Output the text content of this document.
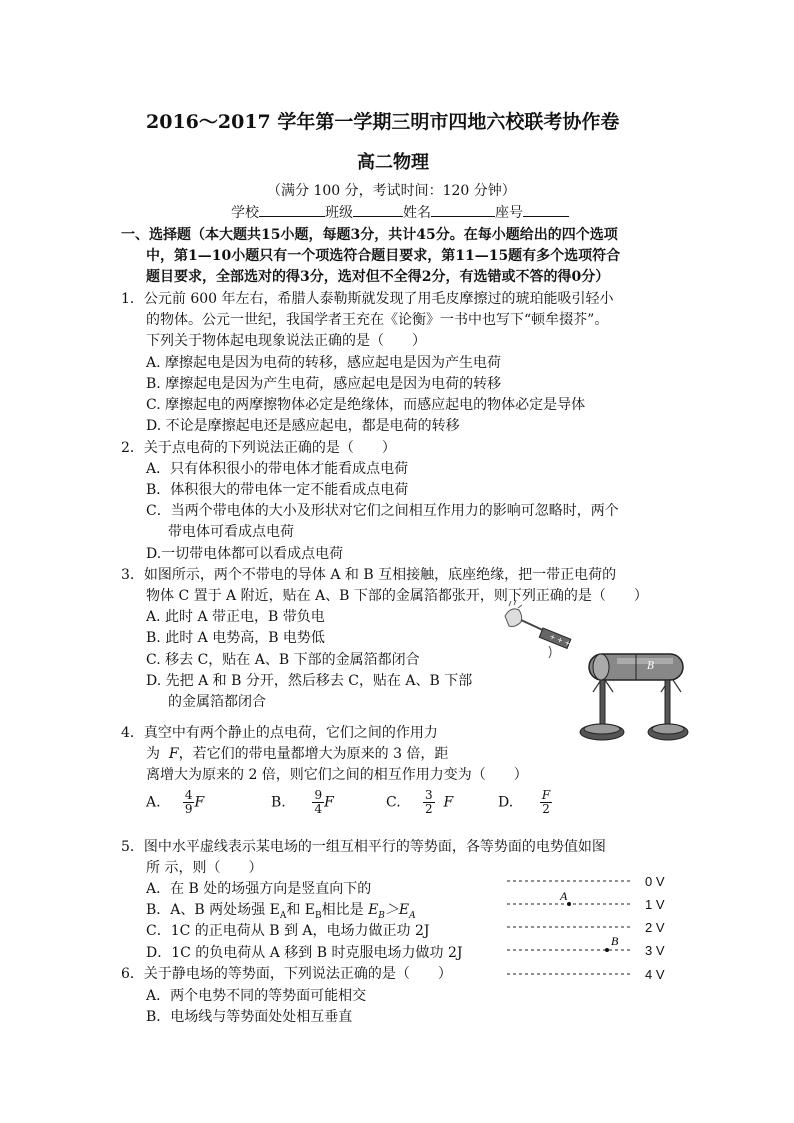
2016～2017 学年第一学期三明市四地六校联考协作卷
高二物理
（满分 100 分，考试时间：120 分钟）
学校	班级	姓名	座号
一、选择题（本大题共15小题，每题3分，共计45分。在每小题给出的四个选项
中，第1—10小题只有一个项选符合题目要求，第11—15题有多个选项符合
题目要求，全部选对的得3分，选对但不全得2分，有选错或不答的得0分）
1．公元前 600 年左右，希腊人泰勒斯就发现了用毛皮摩擦过的琥珀能吸引轻小
的物体。公元一世纪，我国学者王充在《论衡》一书中也写下“顿牟掇芥”。
下列关于物体起电现象说法正确的是（　　）
A. 摩擦起电是因为电荷的转移，感应起电是因为产生电荷
B. 摩擦起电是因为产生电荷，感应起电是因为电荷的转移
C. 摩擦起电的两摩擦物体必定是绝缘体，而感应起电的物体必定是导体
D. 不论是摩擦起电还是感应起电，都是电荷的转移
2．关于点电荷的下列说法正确的是（　　）
A．只有体积很小的带电体才能看成点电荷
B．体积很大的带电体一定不能看成点电荷
C．当两个带电体的大小及形状对它们之间相互作用力的影响可忽略时，两个
带电体可看成点电荷
D.一切带电体都可以看成点电荷
3．如图所示，两个不带电的导体 A 和 B 互相接触，底座绝缘，把一带正电荷的
物体 C 置于 A 附近，贴在 A、B 下部的金属箔都张开，则下列正确的是（　　）
A. 此时 A 带正电，B 带负电
B. 此时 A 电势高，B 电势低
C. 移去 C，贴在 A、B 下部的金属箔都闭合
D. 先把 A 和 B 分开，然后移去 C，贴在 A、B 下部
的金属箔都闭合
+ + +
B
4．真空中有两个静止的点电荷，它们之间的作用力
为 F，若它们的带电量都增大为原来的 3 倍，距
离增大为原来的 2 倍，则它们之间的相互作用力变为（　　）
A. $\frac{4}{9}$ F	B. $\frac{9}{4}$ F	C. $\frac{3}{2}$ F	D. $\frac{F}{2}$
5．图中水平虚线表示某电场的一组互相平行的等势面，各等势面的电势值如图
所 示，则（　　）
A．在 B 处的场强方向是竖直向下的
B．A、B 两处场强 $E_A$和 $E_B$相比是 $E_B>E_A$
C．1C 的正电荷从 B 到 A，电场力做正功 2J
D．1C 的负电荷从 A 移到 B 时克服电场力做功 2J
0 V
1 V
2 V
3 V
4 V
A
B
6．关于静电场的等势面，下列说法正确的是（　　）
A．两个电势不同的等势面可能相交
B．电场线与等势面处处相互垂直
